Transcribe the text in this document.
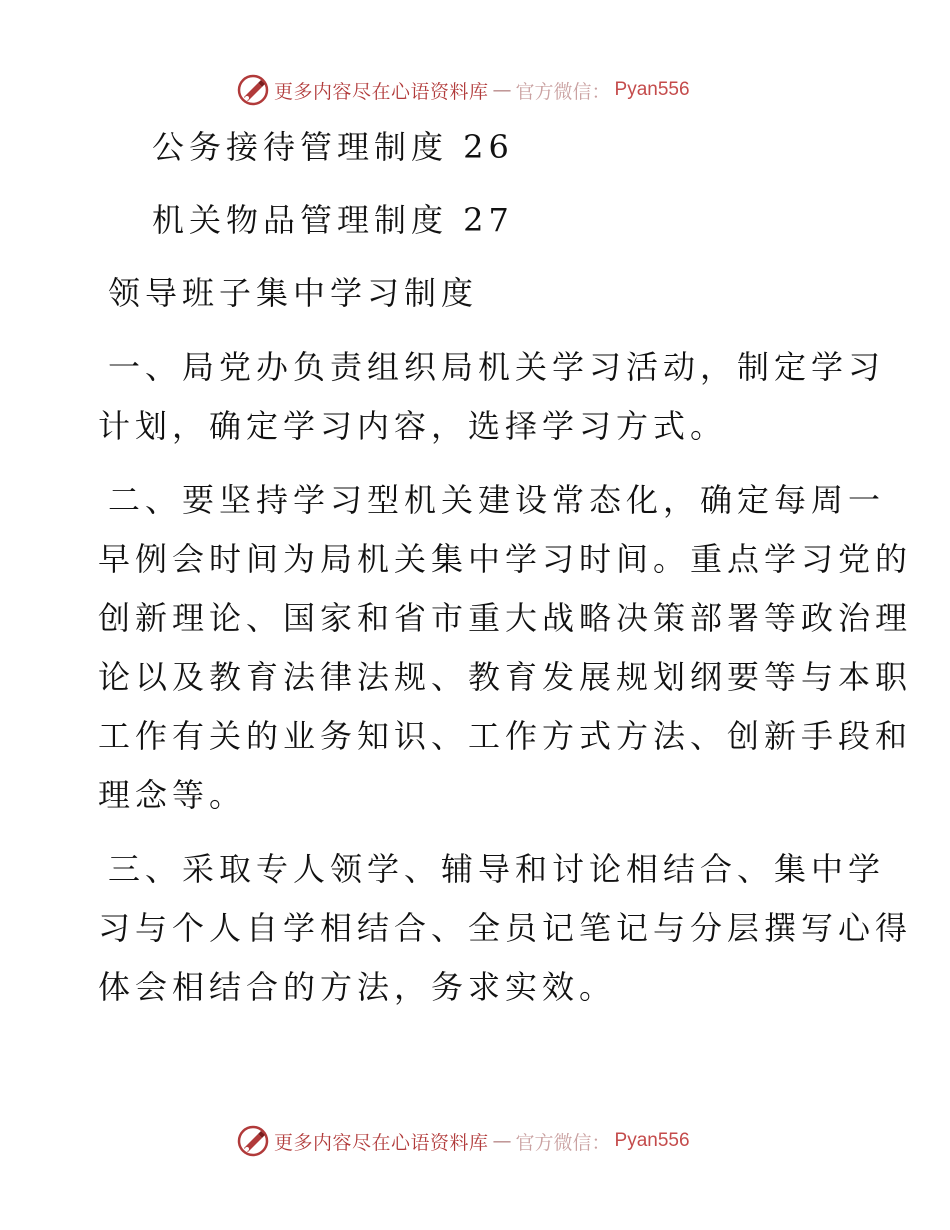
更多内容尽在心语资料库 — 官方微信： Pyan556
公务接待管理制度 26
机关物品管理制度 27
领导班子集中学习制度
一、局党办负责组织局机关学习活动，制定学习
计划，确定学习内容，选择学习方式。
二、要坚持学习型机关建设常态化，确定每周一
早例会时间为局机关集中学习时间。重点学习党的
创新理论、国家和省市重大战略决策部署等政治理
论以及教育法律法规、教育发展规划纲要等与本职
工作有关的业务知识、工作方式方法、创新手段和
理念等。
三、采取专人领学、辅导和讨论相结合、集中学
习与个人自学相结合、全员记笔记与分层撰写心得
体会相结合的方法，务求实效。
更多内容尽在心语资料库 — 官方微信： Pyan556
